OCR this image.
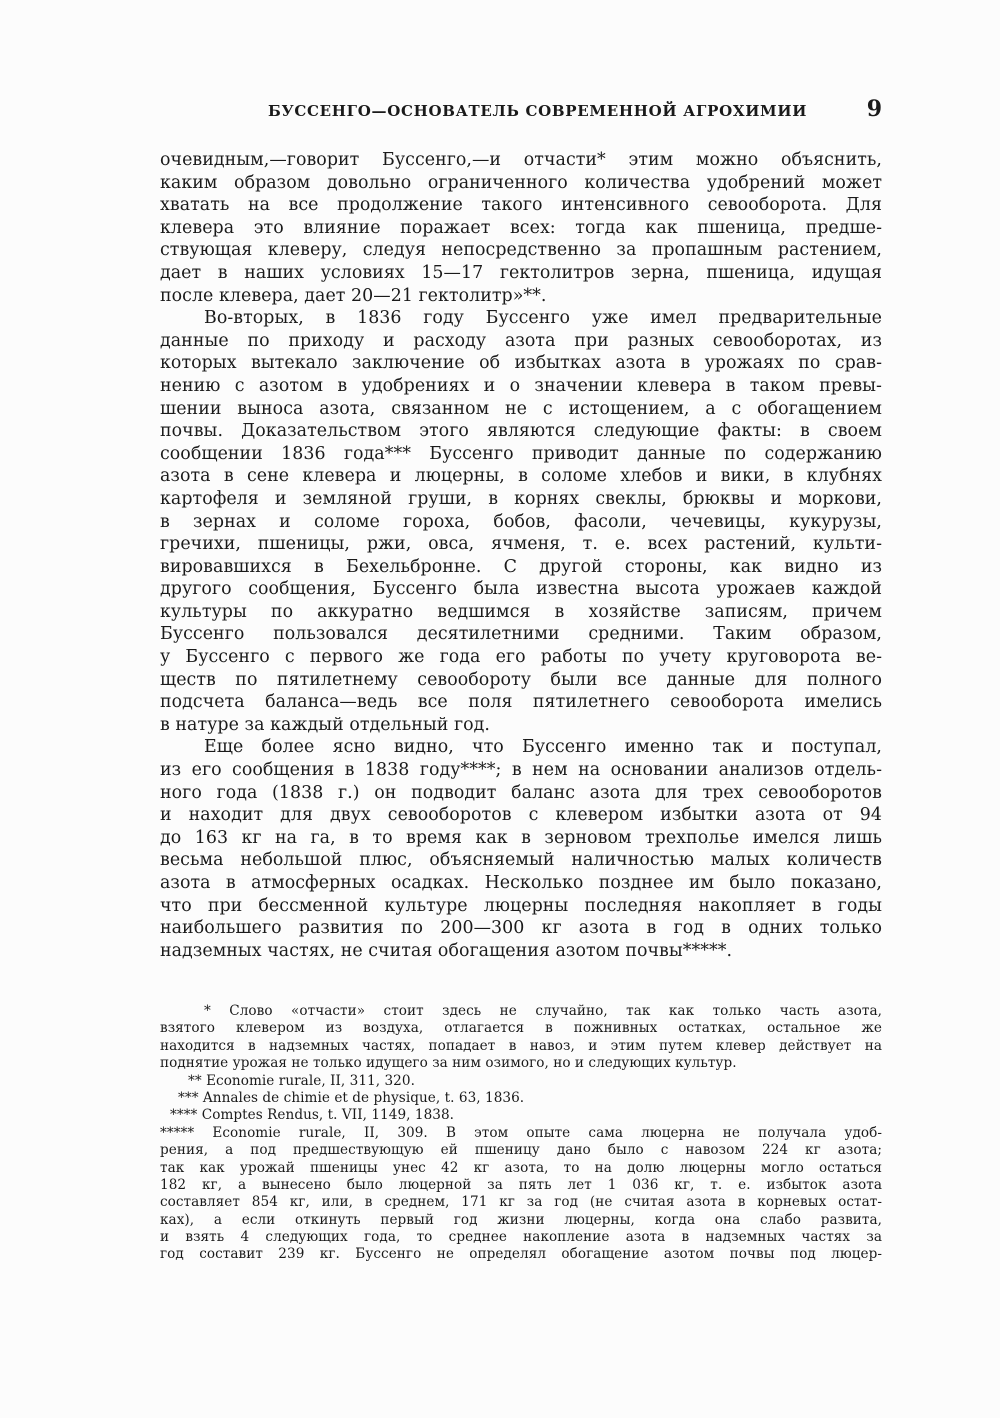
БУССЕНГО—ОСНОВАТЕЛЬ СОВРЕМЕННОЙ АГРОХИМИИ	9
очевидным,—говорит Буссенго,—и отчасти* этим можно объяснить,
каким образом довольно ограниченного количества удобрений может
хватать на все продолжение такого интенсивного севооборота. Для
клевера это влияние поражает всех: тогда как пшеница, предше-
ствующая клеверу, следуя непосредственно за пропашным растением,
дает в наших условиях 15—17 гектолитров зерна, пшеница, идущая
после клевера, дает 20—21 гектолитр»**.
Во-вторых, в 1836 году Буссенго уже имел предварительные
данные по приходу и расходу азота при разных севооборотах, из
которых вытекало заключение об избытках азота в урожаях по срав-
нению с азотом в удобрениях и о значении клевера в таком превы-
шении выноса азота, связанном не с истощением, а с обогащением
почвы. Доказательством этого являются следующие факты: в своем
сообщении 1836 года*** Буссенго приводит данные по содержанию
азота в сене клевера и люцерны, в соломе хлебов и вики, в клубнях
картофеля и земляной груши, в корнях свеклы, брюквы и моркови,
в зернах и соломе гороха, бобов, фасоли, чечевицы, кукурузы,
гречихи, пшеницы, ржи, овса, ячменя, т. е. всех растений, культи-
вировавшихся в Бехельбронне. С другой стороны, как видно из
другого сообщения, Буссенго была известна высота урожаев каждой
культуры по аккуратно ведшимся в хозяйстве записям, причем
Буссенго пользовался десятилетними средними. Таким образом,
у Буссенго с первого же года его работы по учету круговорота ве-
ществ по пятилетнему севообороту были все данные для полного
подсчета баланса—ведь все поля пятилетнего севооборота имелись
в натуре за каждый отдельный год.
Еще более ясно видно, что Буссенго именно так и поступал,
из его сообщения в 1838 году****; в нем на основании анализов отдель-
ного года (1838 г.) он подводит баланс азота для трех севооборотов
и находит для двух севооборотов с клевером избытки азота от 94
до 163 кг на га, в то время как в зерновом трехполье имелся лишь
весьма небольшой плюс, объясняемый наличностью малых количеств
азота в атмосферных осадках. Несколько позднее им было показано,
что при бессменной культуре люцерны последняя накопляет в годы
наибольшего развития по 200—300 кг азота в год в одних только
надземных частях, не считая обогащения азотом почвы*****.
* Слово «отчасти» стоит здесь не случайно, так как только часть азота,
взятого клевером из воздуха, отлагается в пожнивных остатках, остальное же
находится в надземных частях, попадает в навоз, и этим путем клевер действует на
поднятие урожая не только идущего за ним озимого, но и следующих культур.
** Economie rurale, II, 311, 320.
*** Annales de chimie et de physique, t. 63, 1836.
**** Comptes Rendus, t. VII, 1149, 1838.
***** Economie rurale, II, 309. В этом опыте сама люцерна не получала удоб-
рения, а под предшествующую ей пшеницу дано было с навозом 224 кг азота;
так как урожай пшеницы унес 42 кг азота, то на долю люцерны могло остаться
182 кг, а вынесено было люцерной за пять лет 1 036 кг, т. е. избыток азота
составляет 854 кг, или, в среднем, 171 кг за год (не считая азота в корневых остат-
ках), а если откинуть первый год жизни люцерны, когда она слабо развита,
и взять 4 следующих года, то среднее накопление азота в надземных частях за
год составит 239 кг. Буссенго не определял обогащение азотом почвы под люцер-
